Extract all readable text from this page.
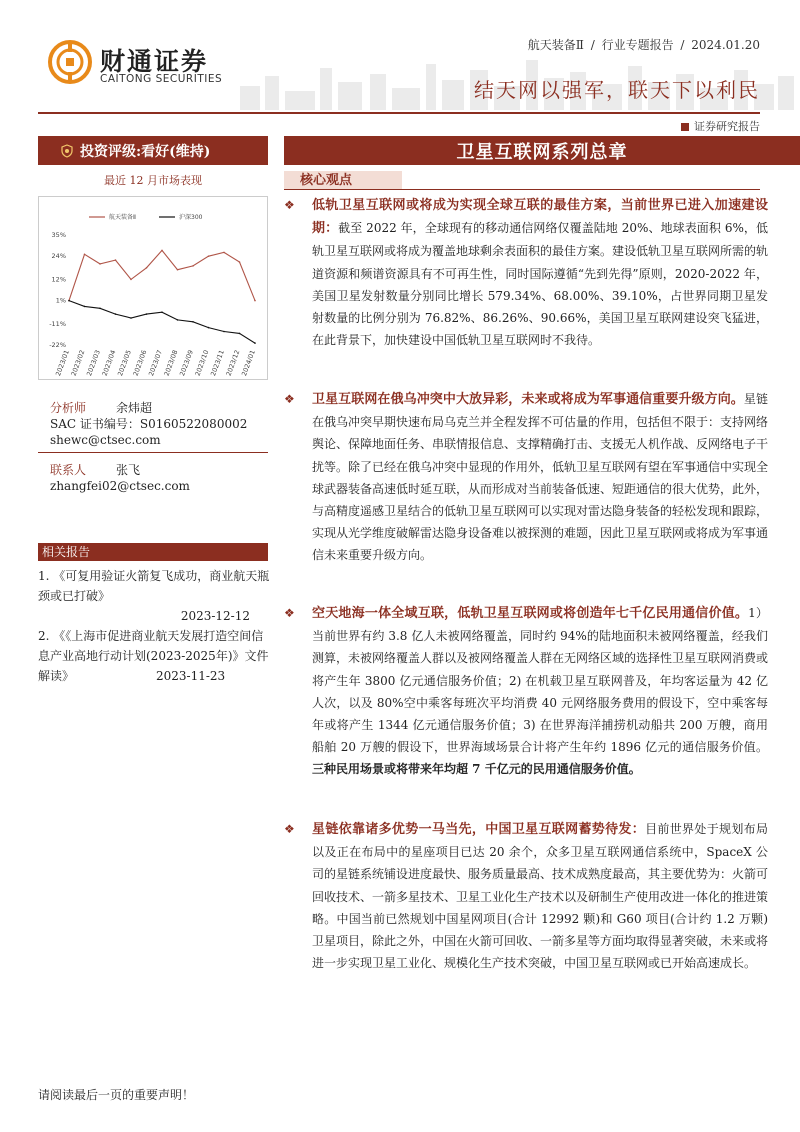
财通证券
CAITONG SECURITIES
航天装备Ⅱ / 行业专题报告 / 2024.01.20
结天网以强军，联天下以利民
证券研究报告
投资评级:看好(维持)	卫星互联网系列总章
最近 12 月市场表现
航天装备Ⅱ	沪深300
35%
24%
12%
1%
-11%
-22%
2023/01
2023/02
2023/03
2023/04
2023/05
2023/06
2023/07
2023/08
2023/09
2023/10
2023/11
2023/12
2024/01
分析师 余炜超
SAC 证书编号：S0160522080002
shewc@ctsec.com
联系人 张飞
zhangfei02@ctsec.com
相关报告
1. 《可复用验证火箭复飞成功，商业航天瓶颈或已打破》
2023-12-12
2. 《《上海市促进商业航天发展打造空间信息产业高地行动计划(2023-2025年)》文件解读》	2023-11-23
核心观点
❖ 低轨卫星互联网或将成为实现全球互联的最佳方案，当前世界已进入加速建设期：截至 2022 年，全球现有的移动通信网络仅覆盖陆地 20%、地球表面积 6%，低轨卫星互联网或将成为覆盖地球剩余表面积的最佳方案。建设低轨卫星互联网所需的轨道资源和频谱资源具有不可再生性，同时国际遵循“先到先得”原则，2020-2022 年，美国卫星发射数量分别同比增长 579.34%、68.00%、39.10%，占世界同期卫星发射数量的比例分别为 76.82%、86.26%、90.66%，美国卫星互联网建设突飞猛进，在此背景下，加快建设中国低轨卫星互联网时不我待。
❖ 卫星互联网在俄乌冲突中大放异彩，未来或将成为军事通信重要升级方向。星链在俄乌冲突早期快速布局乌克兰并全程发挥不可估量的作用，包括但不限于：支持网络舆论、保障地面任务、串联情报信息、支撑精确打击、支援无人机作战、反网络电子干扰等。除了已经在俄乌冲突中显现的作用外，低轨卫星互联网有望在军事通信中实现全球武器装备高速低时延互联，从而形成对当前装备低速、短距通信的很大优势，此外，与高精度遥感卫星结合的低轨卫星互联网可以实现对雷达隐身装备的轻松发现和跟踪，实现从光学维度破解雷达隐身设备难以被探测的难题，因此卫星互联网或将成为军事通信未来重要升级方向。
❖ 空天地海一体全域互联，低轨卫星互联网或将创造年七千亿民用通信价值。1）当前世界有约 3.8 亿人未被网络覆盖，同时约 94%的陆地面积未被网络覆盖，经我们测算，未被网络覆盖人群以及被网络覆盖人群在无网络区域的选择性卫星互联网消费或将产生年 3800 亿元通信服务价值；2) 在机载卫星互联网普及，年均客运量为 42 亿人次，以及 80%空中乘客每班次平均消费 40 元网络服务费用的假设下，空中乘客每年或将产生 1344 亿元通信服务价值；3) 在世界海洋捕捞机动船共 200 万艘，商用船舶 20 万艘的假设下，世界海域场景合计将产生年约 1896 亿元的通信服务价值。三种民用场景或将带来年均超 7 千亿元的民用通信服务价值。
❖ 星链依靠诸多优势一马当先，中国卫星互联网蓄势待发：目前世界处于规划布局以及正在布局中的星座项目已达 20 余个，众多卫星互联网通信系统中，SpaceX 公司的星链系统铺设进度最快、服务质量最高、技术成熟度最高，其主要优势为：火箭可回收技术、一箭多星技术、卫星工业化生产技术以及研制生产使用改进一体化的推进策略。中国当前已然规划中国星网项目(合计 12992 颗)和 G60 项目(合计约 1.2 万颗)卫星项目，除此之外，中国在火箭可回收、一箭多星等方面均取得显著突破，未来或将进一步实现卫星工业化、规模化生产技术突破，中国卫星互联网或已开始高速成长。
请阅读最后一页的重要声明！
